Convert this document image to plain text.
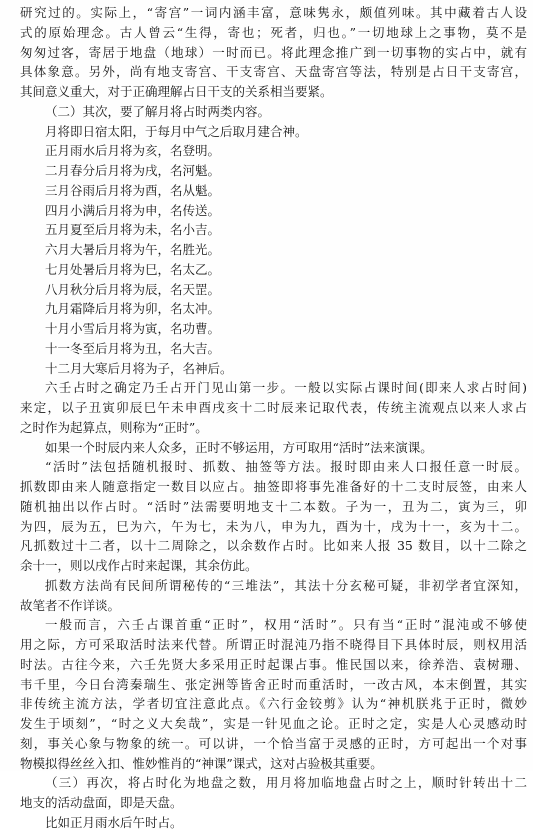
研究过的。实际上，“寄宫”一词内涵丰富，意味隽永，颇值列味。其中藏着古人设
式的原始理念。古人曾云“生得，寄也；死者，归也。”一切地球上之事物，莫不是
匆匆过客，寄居于地盘（地球）一时而已。将此理念推广到一切事物的实占中，就有
具体象意。另外，尚有地支寄宫、干支寄宫、天盘寄宫等法，特别是占日干支寄宫，
其间意义重大，对于正确理解占日干支的关系相当要紧。
（二）其次，要了解月将占时两类内容。
月将即日宿太阳，于每月中气之后取月建合神。
正月雨水后月将为亥，名登明。
二月春分后月将为戌，名河魁。
三月谷雨后月将为酉，名从魁。
四月小满后月将为申，名传送。
五月夏至后月将为未，名小吉。
六月大暑后月将为午，名胜光。
七月处暑后月将为巳，名太乙。
八月秋分后月将为辰，名天罡。
九月霜降后月将为卯，名太冲。
十月小雪后月将为寅，名功曹。
十一冬至后月将为丑，名大吉。
十二月大寒后月将为子，名神后。
六壬占时之确定乃壬占开门见山第一步。一般以实际占课时间(即来人求占时间)
来定，以子丑寅卯辰巳午未申酉戌亥十二时辰来记取代表，传统主流观点以来人求占
之时作为起算点，则称为“正时”。
如果一个时辰内来人众多，正时不够运用，方可取用“活时”法来演课。
“活时”法包括随机报时、抓数、抽签等方法。报时即由来人口报任意一时辰。
抓数即由来人随意指定一数目以应占。抽签即将事先准备好的十二支时辰签，由来人
随机抽出以作占时。“活时”法需要明地支十二本数。子为一，丑为二，寅为三，卯
为四，辰为五，巳为六，午为七，未为八，申为九，酉为十，戌为十一，亥为十二。
凡抓数过十二者，以十二周除之，以余数作占时。比如来人报 35 数目，以十二除之
余十一，则以戌作占时来起课，其余仿此。
抓数方法尚有民间所谓秘传的“三堆法”，其法十分玄秘可疑，非初学者宜深知，
故笔者不作详谈。
一般而言，六壬占课首重“正时”，权用“活时”。只有当“正时”混沌或不够使
用之际，方可采取活时法来代替。所谓正时混沌乃指不晓得目下具体时辰，则权用活
时法。古往今来，六壬先贤大多采用正时起课占事。惟民国以来，徐养浩、袁树珊、
韦千里，今日台湾秦瑞生、张定洲等皆舍正时而重活时，一改古风，本末倒置，其实
非传统主流方法，学者切宜注意此点。《六行金铰剪》认为“神机朕兆于正时，微妙
发生于顷刻”，“时之义大矣哉”，实是一针见血之论。正时之定，实是人心灵感动时
刻，事关心象与物象的统一。可以讲，一个恰当富于灵感的正时，方可起出一个对事
物模拟得丝丝入扣、惟妙惟肖的“神课”课式，这对占验极其重要。
（三）再次，将占时化为地盘之数，用月将加临地盘占时之上，顺时针转出十二
地支的活动盘面，即是天盘。
比如正月雨水后午时占。
